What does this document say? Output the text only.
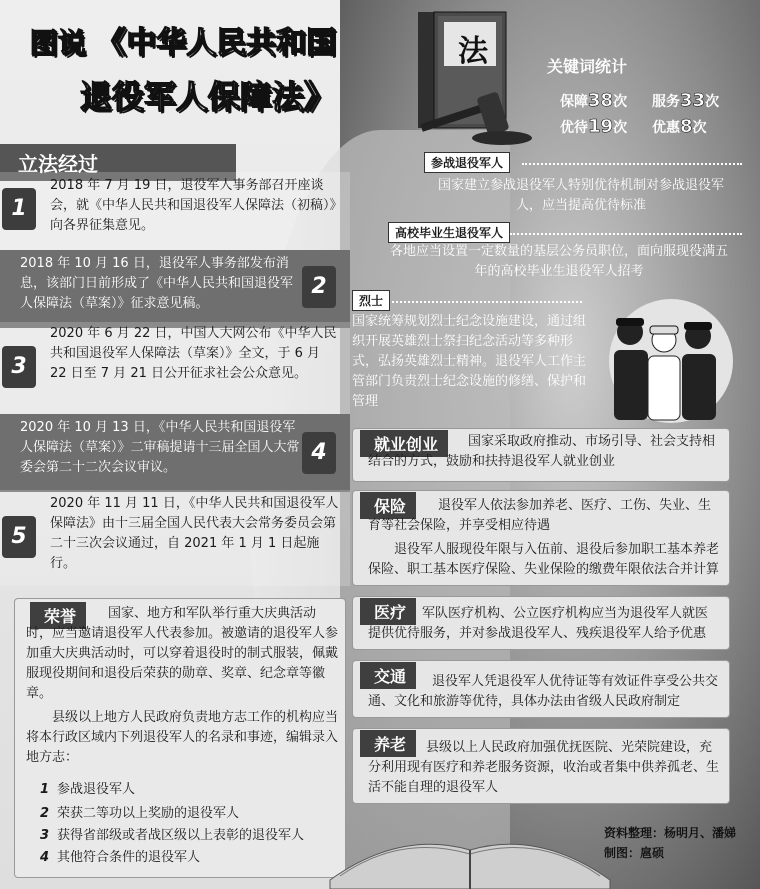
图说 《中华人民共和国
退役军人保障法》
法	关键词统计
保障38次 服务33次
优待19次 优惠8次
立法经过
1
2018 年 7 月 19 日，退役军人事务部召开座谈会，就《中华人民共和国退役军人保障法（初稿）》向各界征集意见。
2
2018 年 10 月 16 日，退役军人事务部发布消息，该部门日前形成了《中华人民共和国退役军人保障法（草案）》征求意见稿。
3
2020 年 6 月 22 日，中国人大网公布《中华人民共和国退役军人保障法（草案）》全文，于 6 月 22 日至 7 月 21 日公开征求社会公众意见。
4
2020 年 10 月 13 日，《中华人民共和国退役军人保障法（草案）》二审稿提请十三届全国人大常委会第二十二次会议审议。
5
2020 年 11 月 11 日，《中华人民共和国退役军人保障法》由十三届全国人民代表大会常务委员会第二十三次会议通过，自 2021 年 1 月 1 日起施行。
荣誉	国家、地方和军队举行重大庆典活动时，应当邀请退役军人代表参加。被邀请的退役军人参加重大庆典活动时，可以穿着退役时的制式服装，佩戴服现役期间和退役后荣获的勋章、奖章、纪念章等徽章。
县级以上地方人民政府负责地方志工作的机构应当将本行政区域内下列退役军人的名录和事迹，编辑录入地方志：
1 参战退役军人
2 荣获二等功以上奖励的退役军人
3 获得省部级或者战区级以上表彰的退役军人
4 其他符合条件的退役军人
参战退役军人
国家建立参战退役军人特别优待机制对参战退役军人，应当提高优待标准
高校毕业生退役军人
各地应当设置一定数量的基层公务员职位，面向服现役满五年的高校毕业生退役军人招考
烈士
国家统筹规划烈士纪念设施建设，通过组织开展英雄烈士祭扫纪念活动等多种形式，弘扬英雄烈士精神。退役军人工作主管部门负责烈士纪念设施的修缮、保护和管理
就业创业	国家采取政府推动、市场引导、社会支持相结合的方式，鼓励和扶持退役军人就业创业
保险	退役军人依法参加养老、医疗、工伤、失业、生育等社会保险，并享受相应待遇
退役军人服现役年限与入伍前、退役后参加职工基本养老保险、职工基本医疗保险、失业保险的缴费年限依法合并计算
医疗	军队医疗机构、公立医疗机构应当为退役军人就医提供优待服务，并对参战退役军人、残疾退役军人给予优惠
交通	退役军人凭退役军人优待证等有效证件享受公共交通、文化和旅游等优待，具体办法由省级人民政府制定
养老	县级以上人民政府加强优抚医院、光荣院建设，充分利用现有医疗和养老服务资源，收治或者集中供养孤老、生活不能自理的退役军人
资料整理：杨明月、潘娣
制图：扈硕
